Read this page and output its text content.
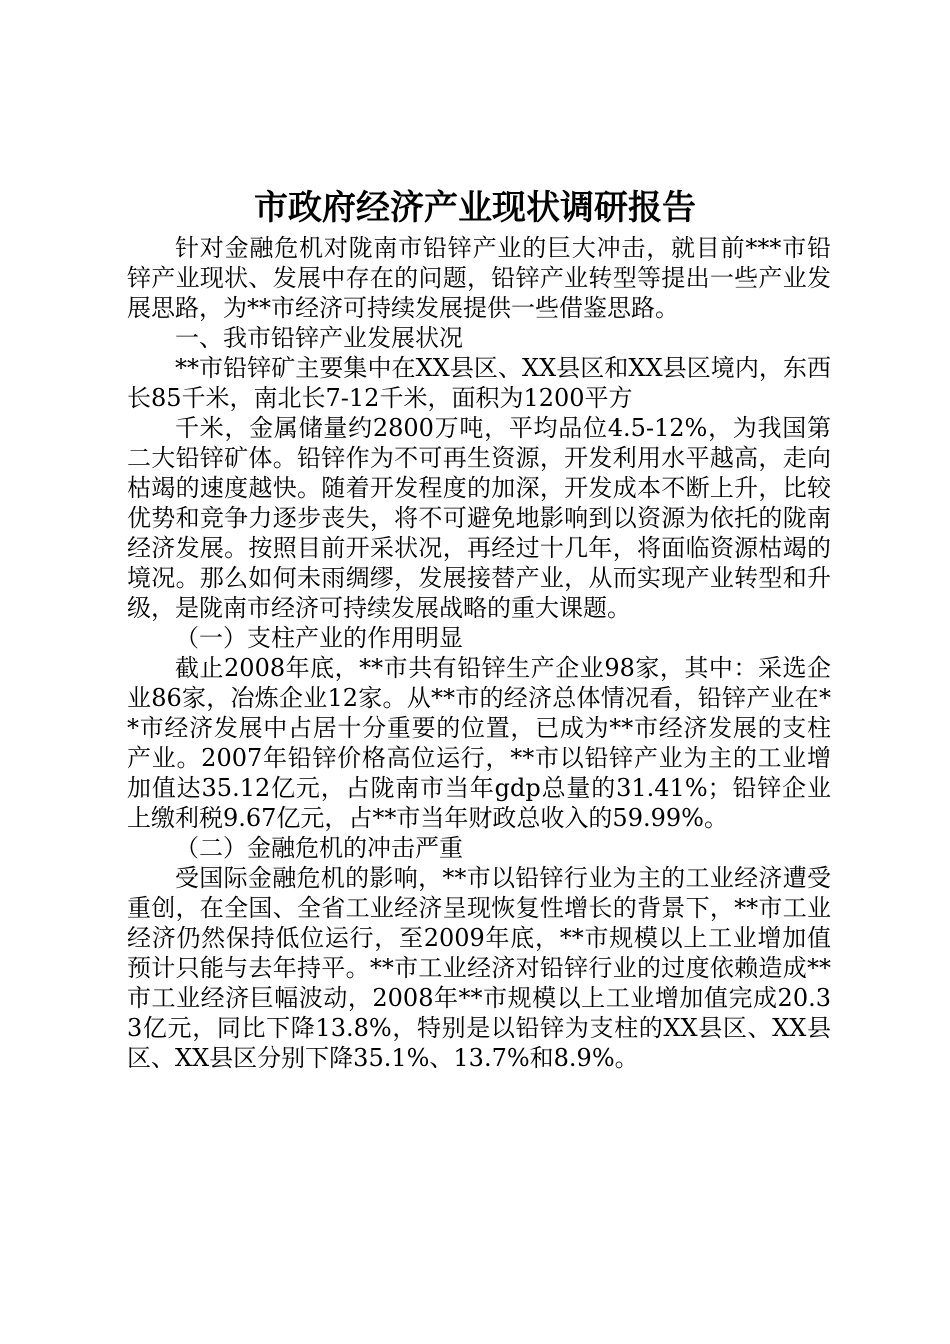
市政府经济产业现状调研报告

针对金融危机对陇南市铅锌产业的巨大冲击，就目前***市铅锌产业现状、发展中存在的问题，铅锌产业转型等提出一些产业发展思路，为**市经济可持续发展提供一些借鉴思路。

一、我市铅锌产业发展状况

**市铅锌矿主要集中在XX县区、XX县区和XX县区境内，东西长85千米，南北长7-12千米，面积为1200平方

千米，金属储量约2800万吨，平均品位4.5-12%，为我国第二大铅锌矿体。铅锌作为不可再生资源，开发利用水平越高，走向枯竭的速度越快。随着开发程度的加深，开发成本不断上升，比较优势和竞争力逐步丧失，将不可避免地影响到以资源为依托的陇南经济发展。按照目前开采状况，再经过十几年，将面临资源枯竭的境况。那么如何未雨绸缪，发展接替产业，从而实现产业转型和升级，是陇南市经济可持续发展战略的重大课题。

（一）支柱产业的作用明显

截止2008年底，**市共有铅锌生产企业98家，其中：采选企业86家，冶炼企业12家。从**市的经济总体情况看，铅锌产业在**市经济发展中占居十分重要的位置，已成为**市经济发展的支柱产业。2007年铅锌价格高位运行，**市以铅锌产业为主的工业增加值达35.12亿元，占陇南市当年gdp总量的31.41%；铅锌企业上缴利税9.67亿元，占**市当年财政总收入的59.99%。

（二）金融危机的冲击严重

受国际金融危机的影响，**市以铅锌行业为主的工业经济遭受重创，在全国、全省工业经济呈现恢复性增长的背景下，**市工业经济仍然保持低位运行，至2009年底，**市规模以上工业增加值预计只能与去年持平。**市工业经济对铅锌行业的过度依赖造成**市工业经济巨幅波动，2008年**市规模以上工业增加值完成20.33亿元，同比下降13.8%，特别是以铅锌为支柱的XX县区、XX县区、XX县区分别下降35.1%、13.7%和8.9%。
